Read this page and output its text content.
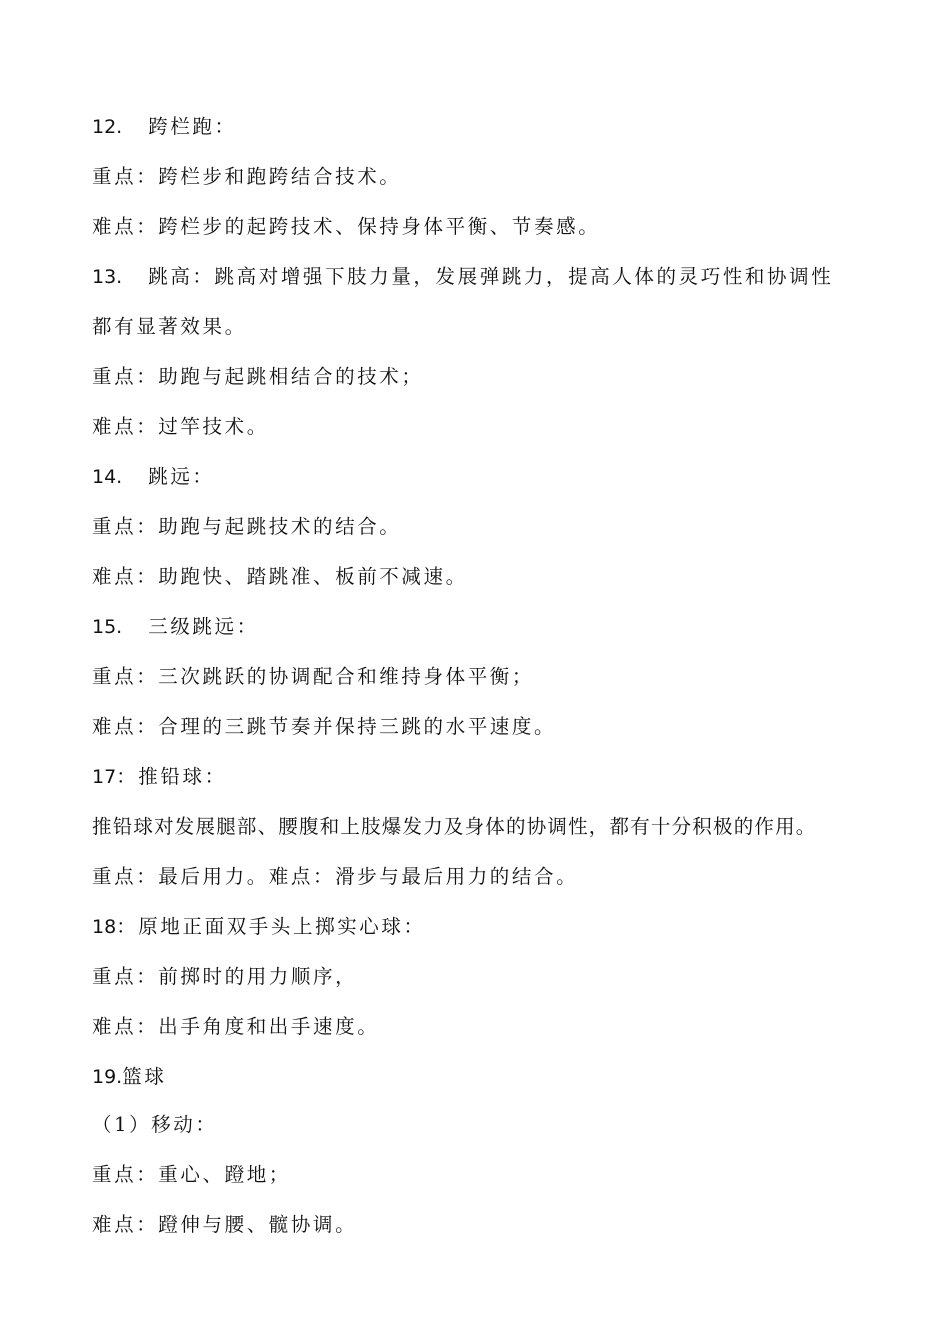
12. 跨栏跑：
重点：跨栏步和跑跨结合技术。
难点：跨栏步的起跨技术、保持身体平衡、节奏感。
13. 跳高：跳高对增强下肢力量，发展弹跳力，提高人体的灵巧性和协调性
都有显著效果。
重点：助跑与起跳相结合的技术；
难点：过竿技术。
14. 跳远：
重点：助跑与起跳技术的结合。
难点：助跑快、踏跳准、板前不减速。
15. 三级跳远：
重点：三次跳跃的协调配合和维持身体平衡；
难点：合理的三跳节奏并保持三跳的水平速度。
17：推铅球：
推铅球对发展腿部、腰腹和上肢爆发力及身体的协调性，都有十分积极的作用。
重点：最后用力。难点：滑步与最后用力的结合。
18：原地正面双手头上掷实心球：
重点：前掷时的用力顺序，
难点：出手角度和出手速度。
19.篮球
（1）移动：
重点：重心、蹬地；
难点：蹬伸与腰、髋协调。
